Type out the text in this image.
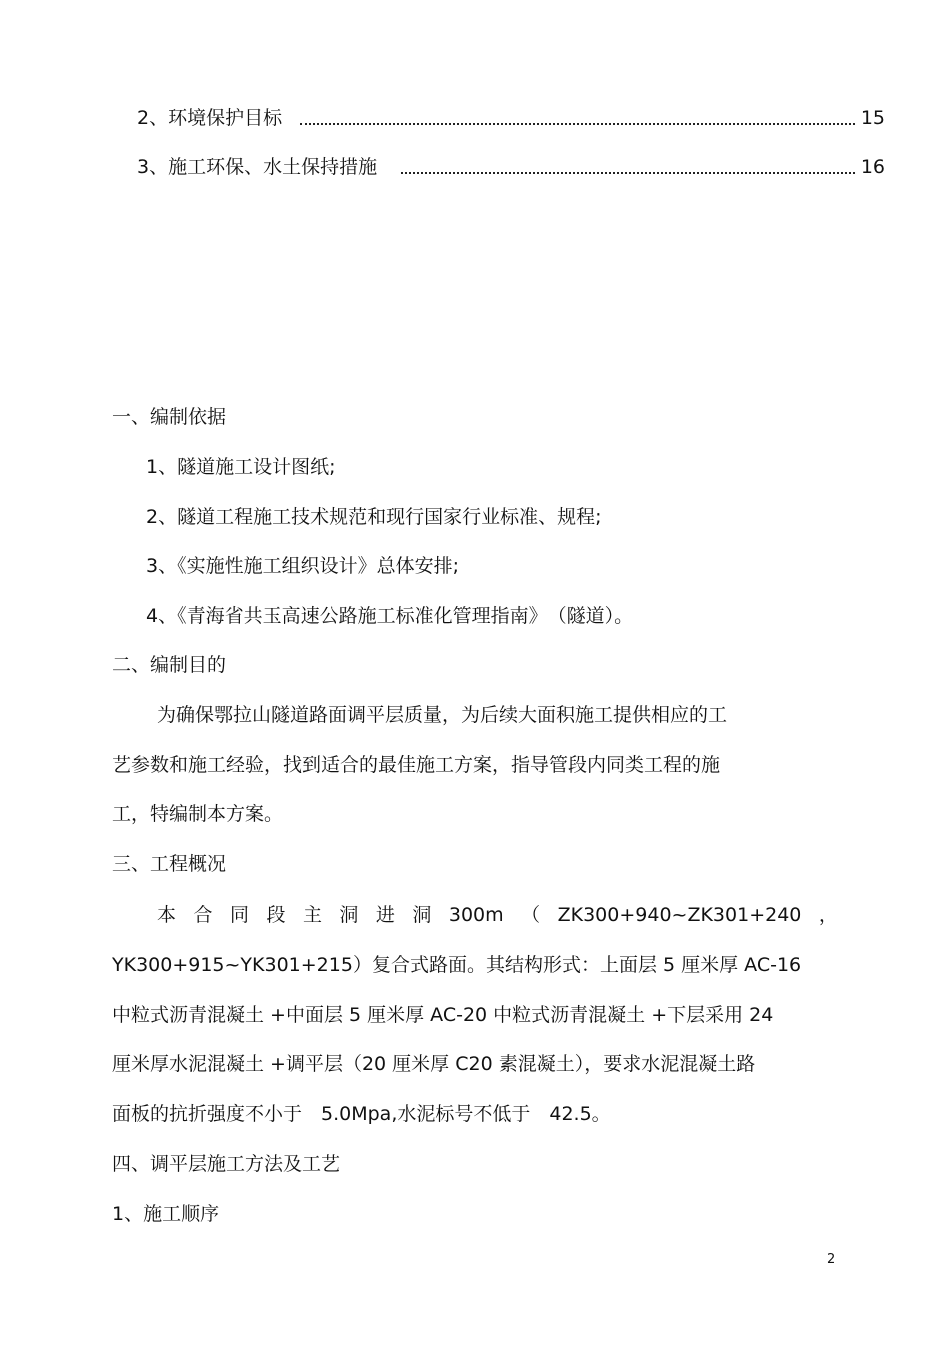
2、环境保护目标	15
3、施工环保、水土保持措施	16
一、编制依据
1、隧道施工设计图纸;
2、隧道工程施工技术规范和现行国家行业标准、规程;
3、《实施性施工组织设计》总体安排;
4、《青海省共玉高速公路施工标准化管理指南》　（隧道）。
二、编制目的
为确保鄂拉山隧道路面调平层质量，为后续大面积施工提供相应的工
艺参数和施工经验，找到适合的最佳施工方案，指导管段内同类工程的施
工，特编制本方案。
三、工程概况
本 合 同 段 主 洞 进 洞 300m （ ZK300+940~ZK301+240 ，
YK300+915~YK301+215）复合式路面。其结构形式：上面层 5 厘米厚 AC-16
中粒式沥青混凝土 +中面层 5 厘米厚 AC-20 中粒式沥青混凝土 +下层采用 24
厘米厚水泥混凝土 +调平层（20 厘米厚 C20 素混凝土），要求水泥混凝土路
面板的抗折强度不小于　5.0Mpa,水泥标号不低于　42.5。
四、调平层施工方法及工艺
1、施工顺序
2
